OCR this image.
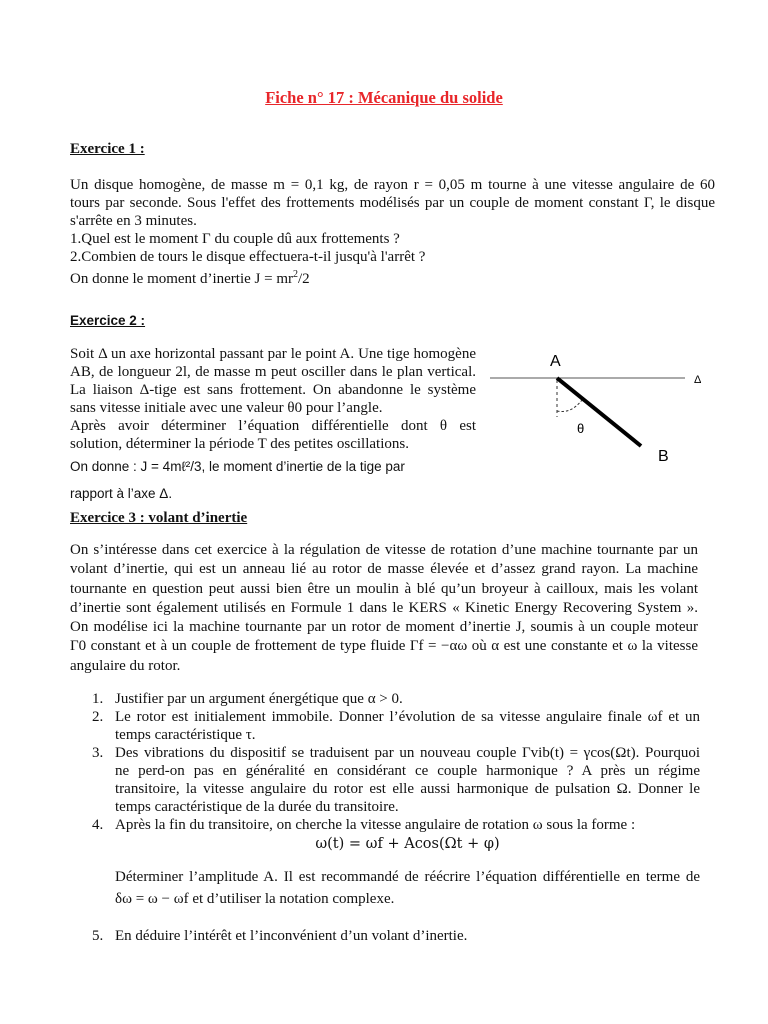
Fiche n° 17 : Mécanique du solide
Exercice 1 :
Un disque homogène, de masse m = 0,1 kg, de rayon r = 0,05 m tourne à une vitesse angulaire de 60
tours par seconde. Sous l'effet des frottements modélisés par un couple de moment constant Γ, le disque
s'arrête en 3 minutes.
1.Quel est le moment Γ du couple dû aux frottements ?
2.Combien de tours le disque effectuera-t-il jusqu'à l'arrêt ?
On donne le moment d’inertie $J = mr^2/2$
Exercice 2 :
Soit Δ un axe horizontal passant par le point A. Une tige homogène
AB, de longueur 2l, de masse m peut osciller dans le plan vertical.
La liaison Δ-tige est sans frottement. On abandonne le système
sans vitesse initiale avec une valeur θ0 pour l’angle.
Après avoir déterminer l’équation différentielle dont θ est
solution, déterminer la période T des petites oscillations.
On donne : J = 4mℓ²/3, le moment d’inertie de la tige par
rapport à l’axe Δ.
A
B
Δ
θ
Exercice 3 : volant d’inertie
On s’intéresse dans cet exercice à la régulation de vitesse de rotation d’une machine tournante par un
volant d’inertie, qui est un anneau lié au rotor de masse élevée et d’assez grand rayon. La machine
tournante en question peut aussi bien être un moulin à blé qu’un broyeur à cailloux, mais les volant
d’inertie sont également utilisés en Formule 1 dans le KERS « Kinetic Energy Recovering System ».
On modélise ici la machine tournante par un rotor de moment d’inertie J, soumis à un couple moteur
Γ0 constant et à un couple de frottement de type fluide Γf = −αω où α est une constante et ω la vitesse
angulaire du rotor.
1. Justifier par un argument énergétique que α > 0.
2. Le rotor est initialement immobile. Donner l’évolution de sa vitesse angulaire finale ωf et un
temps caractéristique τ.
3. Des vibrations du dispositif se traduisent par un nouveau couple Γvib(t) = γcos(Ωt). Pourquoi
ne perd-on pas en généralité en considérant ce couple harmonique ? A près un régime
transitoire, la vitesse angulaire du rotor est elle aussi harmonique de pulsation Ω. Donner le
temps caractéristique de la durée du transitoire.
4. Après la fin du transitoire, on cherche la vitesse angulaire de rotation ω sous la forme :
ω(t) = ωf + Acos(Ωt + φ)
Déterminer l’amplitude A. Il est recommandé de réécrire l’équation différentielle en terme de
δω = ω − ωf et d’utiliser la notation complexe.
5. En déduire l’intérêt et l’inconvénient d’un volant d’inertie.
